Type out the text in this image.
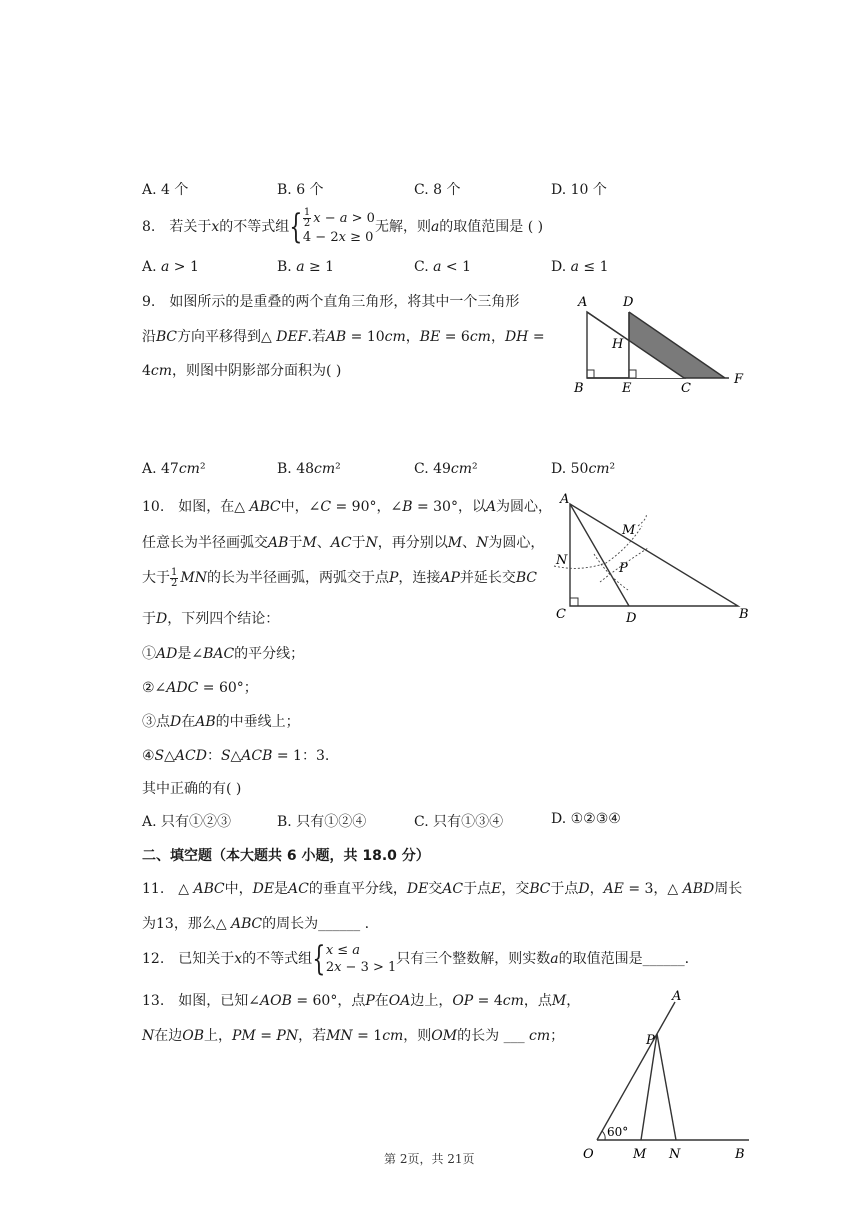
A. 4 个	B. 6 个	C. 8 个	D. 10 个
8. 若关于𝑥的不等式组{ $\frac{1}{2}$ 𝑥 − 𝑎 > 0
4 − 2𝑥 ≥ 0
无解，则𝑎的取值范围是 ( )
A. 𝑎 > 1	B. 𝑎 ≥ 1	C. 𝑎 < 1	D. 𝑎 ≤ 1
9. 如图所示的是重叠的两个直角三角形，将其中一个三角形
沿𝐵𝐶方向平移得到△ 𝐷𝐸𝐹.若𝐴𝐵 = 10𝑐𝑚，𝐵𝐸 = 6𝑐𝑚，𝐷𝐻 =
4𝑐𝑚，则图中阴影部分面积为( )
A	D
H
B	E	C
F
A. 47𝑐𝑚²	B. 48𝑐𝑚²	C. 49𝑐𝑚²	D. 50𝑐𝑚²
10. 如图，在△ 𝐴𝐵𝐶中，∠𝐶 = 90°，∠𝐵 = 30°，以𝐴为圆心，
任意长为半径画弧交𝐴𝐵于𝑀、𝐴𝐶于𝑁，再分别以𝑀、𝑁为圆心，
大于 $\frac{1}{2}$ 𝑀𝑁的长为半径画弧，两弧交于点𝑃，连接𝐴𝑃并延长交𝐵𝐶
于𝐷，下列四个结论：
①𝐴𝐷是∠𝐵𝐴𝐶的平分线；
②∠𝐴𝐷𝐶 = 60°；
③点𝐷在𝐴𝐵的中垂线上；
④𝑆△𝐴𝐶𝐷：𝑆△𝐴𝐶𝐵 = 1：3.
其中正确的有( )
A
M
N
P
C	D	B
A. 只有①②③	B. 只有①②④	C. 只有①③④	D. ①②③④
二、填空题（本大题共 6 小题，共 18.0 分）
11. △ 𝐴𝐵𝐶中，𝐷𝐸是𝐴𝐶的垂直平分线，𝐷𝐸交𝐴𝐶于点𝐸，交𝐵𝐶于点𝐷，𝐴𝐸 = 3，△ 𝐴𝐵𝐷周长
为13，那么△ 𝐴𝐵𝐶的周长为______ .
12. 已知关于𝑥的不等式组{ 𝑥 ≤ 𝑎
2𝑥 − 3 > 1
只有三个整数解，则实数𝑎的取值范围是______.
13. 如图，已知∠𝐴𝑂𝐵 = 60°，点𝑃在𝑂𝐴边上，𝑂𝑃 = 4𝑐𝑚，点𝑀，
𝑁在边𝑂𝐵上，𝑃𝑀 = 𝑃𝑁，若𝑀𝑁 = 1𝑐𝑚，则𝑂𝑀的长为 ___ 𝑐𝑚；
A
P
60°
O	M N	B
第 2页，共 21页
